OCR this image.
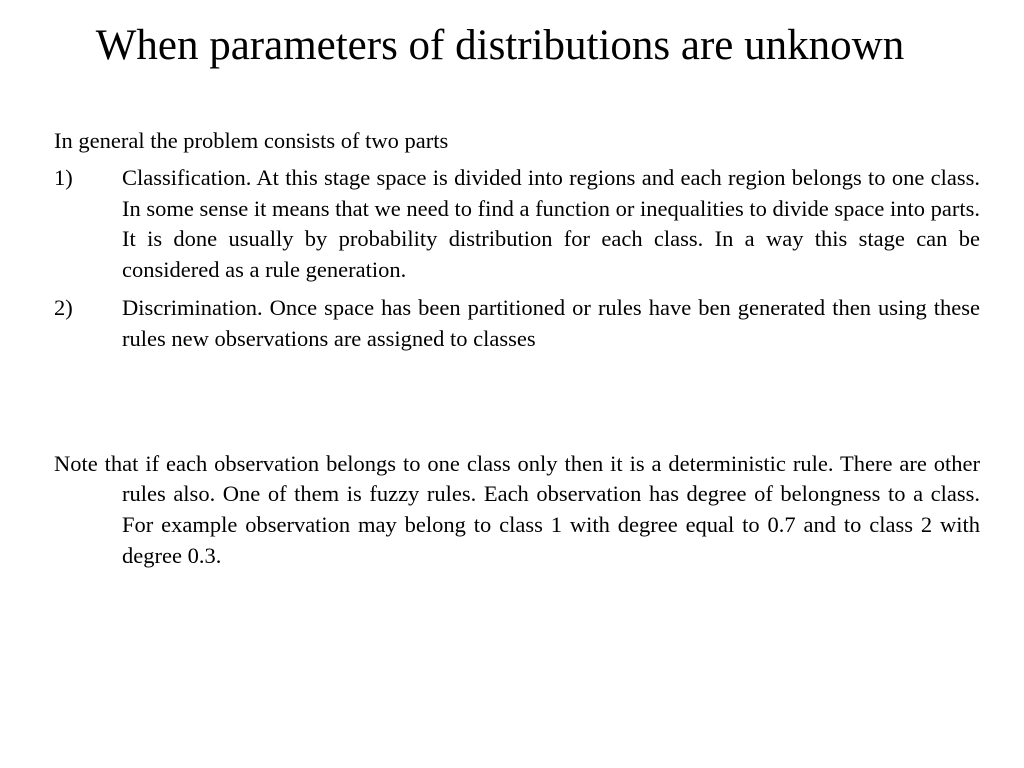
When parameters of distributions are unknown

In general the problem consists of two parts

1)	Classification. At this stage space is divided into regions and each region belongs to one class. In some sense it means that we need to find a function or inequalities to divide space into parts. It is done usually by probability distribution for each class. In a way this stage can be considered as a rule generation.
2)	Discrimination. Once space has been partitioned or rules have ben generated then using these rules new observations are assigned to classes

Note that if each observation belongs to one class only then it is a deterministic rule. There are other rules also. One of them is fuzzy rules. Each observation has degree of belongness to a class. For example observation may belong to class 1 with degree equal to 0.7 and to class 2 with degree 0.3.
